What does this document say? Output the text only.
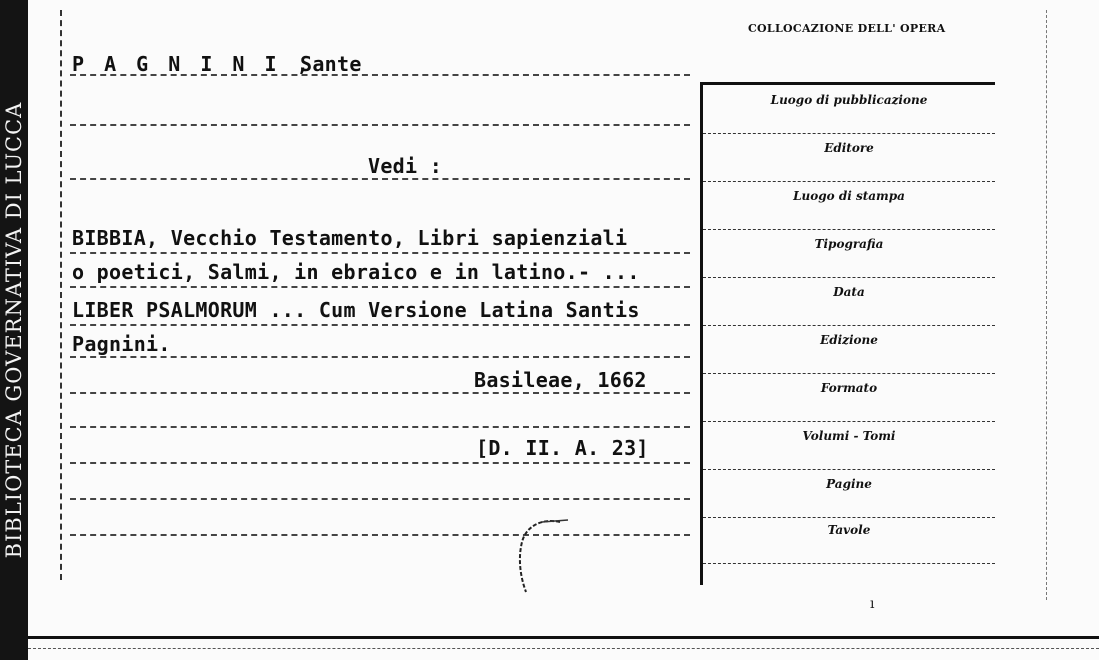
BIBLIOTECA GOVERNATIVA DI LUCCA
P A G N I N I ,
Sante
Vedi :
BIBBIA, Vecchio Testamento, Libri sapienziali
o poetici, Salmi, in ebraico e in latino.- ...
LIBER PSALMORUM ... Cum Versione Latina Santis
Pagnini.
Basileae, 1662
[D. II. A. 23]
COLLOCAZIONE DELL' OPERA
Luogo di pubblicazione
Editore
Luogo di stampa
Tipografia
Data
Edizione
Formato
Volumi - Tomi
Pagine
Tavole
ı
